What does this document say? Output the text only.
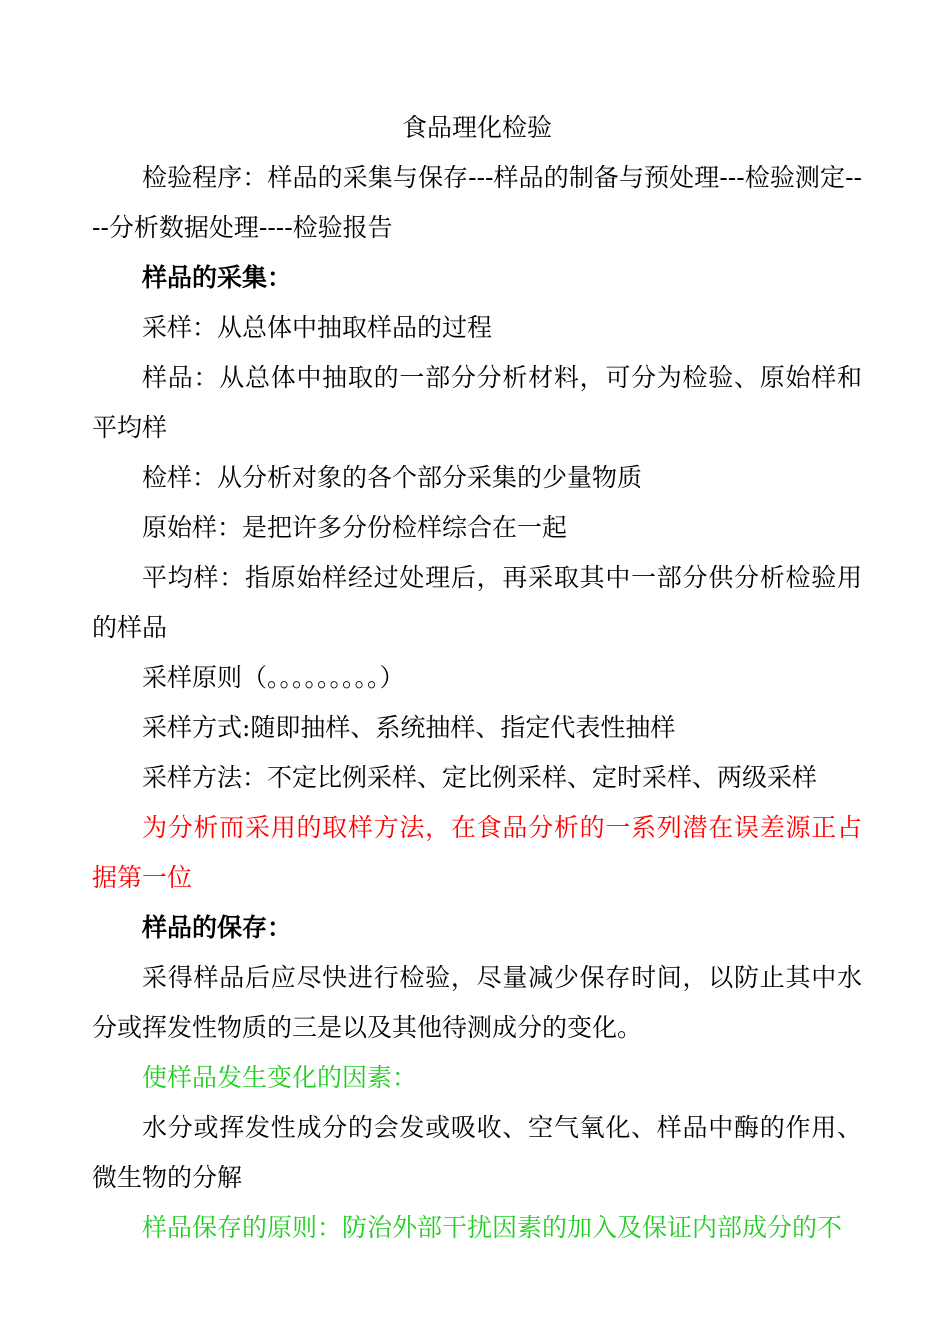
食品理化检验

检验程序：样品的采集与保存---样品的制备与预处理---检验测定----分析数据处理----检验报告

样品的采集：

采样：从总体中抽取样品的过程

样品：从总体中抽取的一部分分析材料，可分为检验、原始样和平均样

检样：从分析对象的各个部分采集的少量物质

原始样：是把许多分份检样综合在一起

平均样：指原始样经过处理后，再采取其中一部分供分析检验用的样品

采样原则（。。。。。。。。。）

采样方式:随即抽样、系统抽样、指定代表性抽样

采样方法：不定比例采样、定比例采样、定时采样、两级采样

为分析而采用的取样方法，在食品分析的一系列潜在误差源正占据第一位

样品的保存：

采得样品后应尽快进行检验，尽量减少保存时间，以防止其中水分或挥发性物质的三是以及其他待测成分的变化。

使样品发生变化的因素：

水分或挥发性成分的会发或吸收、空气氧化、样品中酶的作用、微生物的分解

样品保存的原则：防治外部干扰因素的加入及保证内部成分的不
